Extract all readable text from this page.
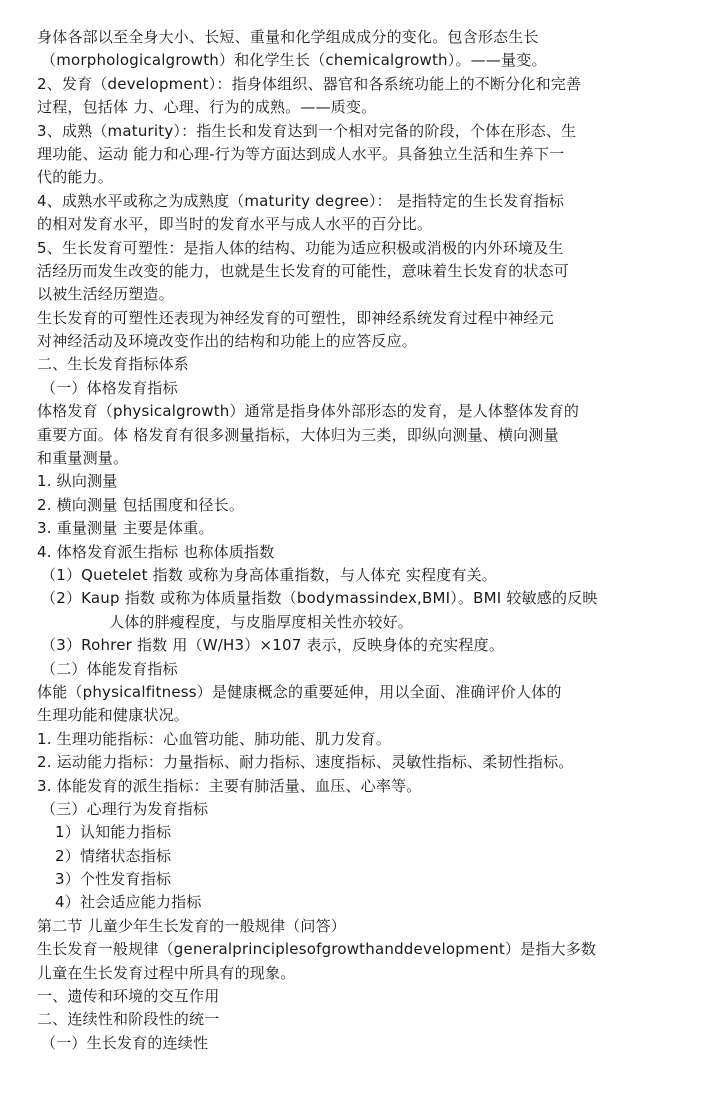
身体各部以至全身大小、长短、重量和化学组成成分的变化。包含形态生长
（morphologicalgrowth）和化学生长（chemicalgrowth）。——量变。
2、发育（development）：指身体组织、器官和各系统功能上的不断分化和完善
过程，包括体 力、心理、行为的成熟。——质变。
3、成熟（maturity）：指生长和发育达到一个相对完备的阶段，个体在形态、生
理功能、运动 能力和心理-行为等方面达到成人水平。具备独立生活和生养下一
代的能力。
4、成熟水平或称之为成熟度（maturity degree）： 是指特定的生长发育指标
的相对发育水平，即当时的发育水平与成人水平的百分比。
5、生长发育可塑性：是指人体的结构、功能为适应积极或消极的内外环境及生
活经历而发生改变的能力，也就是生长发育的可能性，意味着生长发育的状态可
以被生活经历塑造。
生长发育的可塑性还表现为神经发育的可塑性，即神经系统发育过程中神经元
对神经活动及环境改变作出的结构和功能上的应答反应。
二、生长发育指标体系
（一）体格发育指标
体格发育（physicalgrowth）通常是指身体外部形态的发育，是人体整体发育的
重要方面。体 格发育有很多测量指标，大体归为三类，即纵向测量、横向测量
和重量测量。
1. 纵向测量
2. 横向测量 包括围度和径长。
3. 重量测量 主要是体重。
4. 体格发育派生指标 也称体质指数
（1）Quetelet 指数 或称为身高体重指数，与人体充 实程度有关。
（2）Kaup 指数 或称为体质量指数（bodymassindex,BMI）。BMI 较敏感的反映
人体的胖瘦程度，与皮脂厚度相关性亦较好。
（3）Rohrer 指数 用（W/H3）×107 表示，反映身体的充实程度。
（二）体能发育指标
体能（physicalfitness）是健康概念的重要延伸，用以全面、准确评价人体的
生理功能和健康状况。
1. 生理功能指标：心血管功能、肺功能、肌力发育。
2. 运动能力指标：力量指标、耐力指标、速度指标、灵敏性指标、柔韧性指标。
3. 体能发育的派生指标：主要有肺活量、血压、心率等。
（三）心理行为发育指标
1）认知能力指标
2）情绪状态指标
3）个性发育指标
4）社会适应能力指标
第二节 儿童少年生长发育的一般规律（问答）
生长发育一般规律（generalprinciplesofgrowthanddevelopment）是指大多数
儿童在生长发育过程中所具有的现象。
一、遗传和环境的交互作用
二、连续性和阶段性的统一
（一）生长发育的连续性
